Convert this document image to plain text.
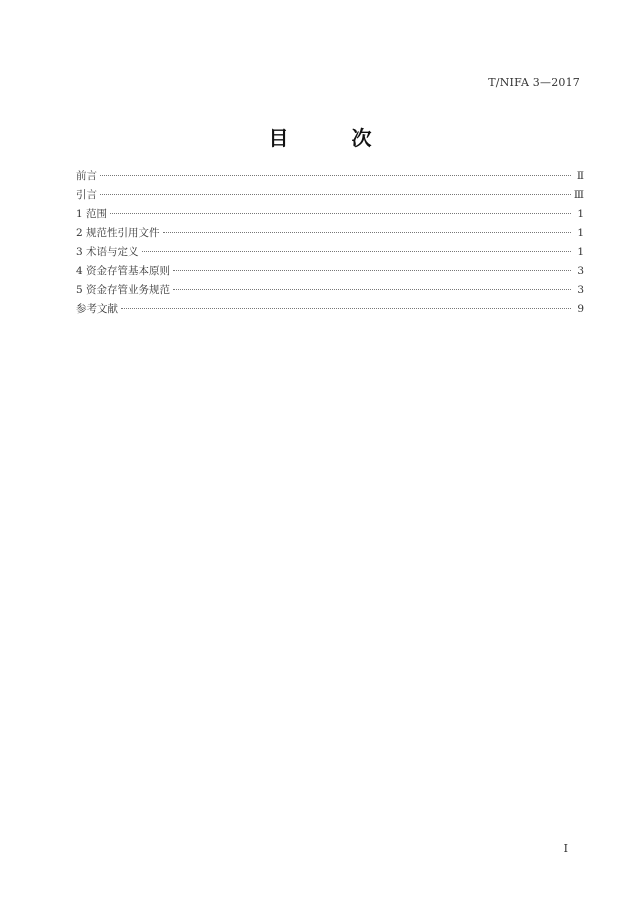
T/NIFA 3—2017
目 次
前言	Ⅱ
引言	Ⅲ
1 范围	1
2 规范性引用文件	1
3 术语与定义	1
4 资金存管基本原则	3
5 资金存管业务规范	3
参考文献	9
I
